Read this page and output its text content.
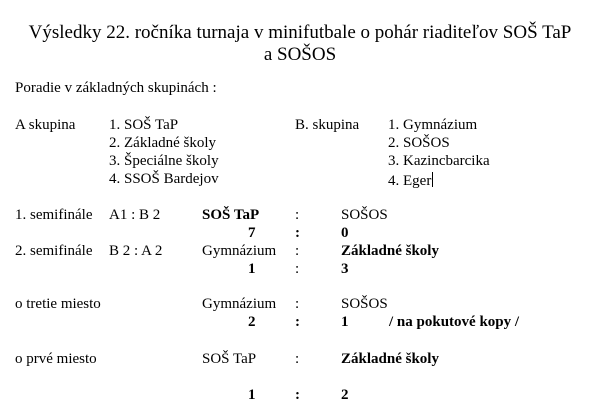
Výsledky 22. ročníka turnaja v minifutbale o pohár riaditeľov SOŠ TaP
a SOŠOS
Poradie v základných skupinách :
A skupina 1. SOŠ TaP
2. Základné školy
3. Špeciálne školy
4. SSOŠ Bardejov
B. skupina 1. Gymnázium
2. SOŠOS
3. Kazincbarcika
4. Eger
1. semifinále A1 : B 2	SOŠ TaP :	SOŠOS
7	:	0
2. semifinále B 2 : A 2	Gymnázium :	Základné školy
1	:	3
o tretie miesto	Gymnázium :	SOŠOS
2	:	1	/ na pokutové kopy /
o prvé miesto	SOŠ TaP	:	Základné školy
1	:	2
